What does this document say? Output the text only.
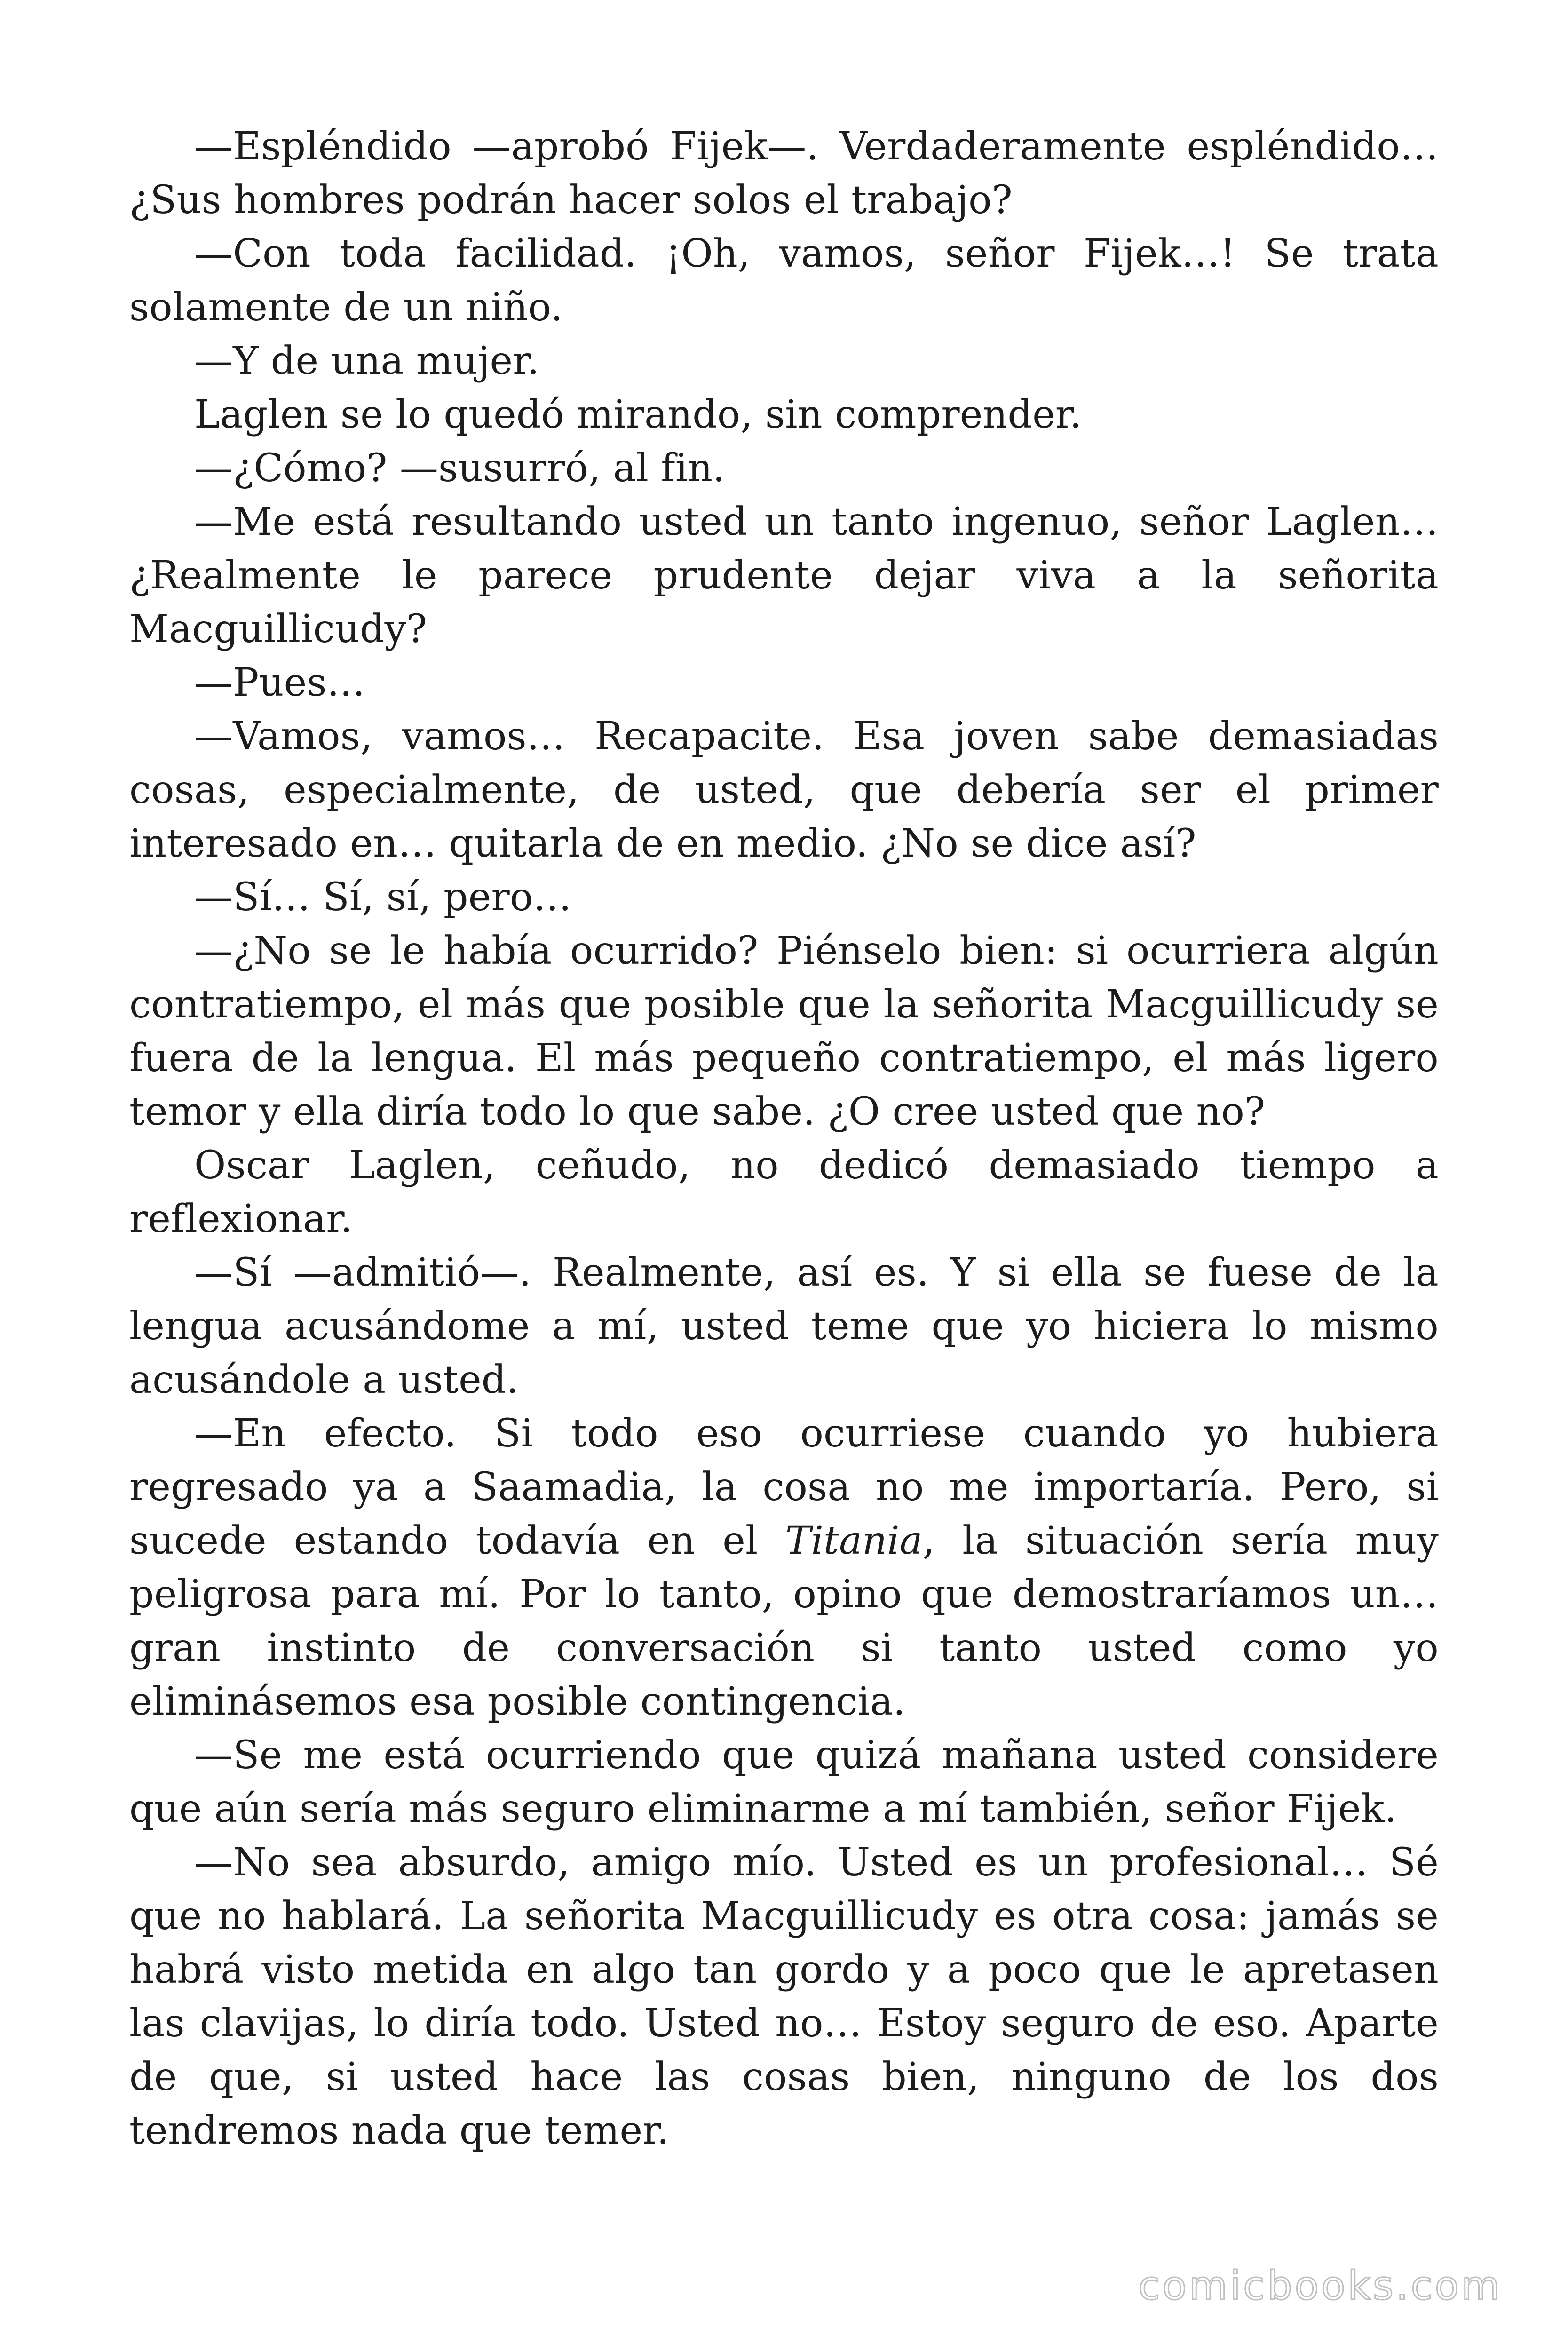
—Espléndido —aprobó Fijek—. Verdaderamente espléndido… ¿Sus hombres podrán hacer solos el trabajo?

—Con toda facilidad. ¡Oh, vamos, señor Fijek…! Se trata solamente de un niño.

—Y de una mujer.

Laglen se lo quedó mirando, sin comprender.

—¿Cómo? —susurró, al fin.

—Me está resultando usted un tanto ingenuo, señor Laglen… ¿Realmente le parece prudente dejar viva a la señorita Macguillicudy?

—Pues…

—Vamos, vamos… Recapacite. Esa joven sabe demasiadas cosas, especialmente, de usted, que debería ser el primer interesado en… quitarla de en medio. ¿No se dice así?

—Sí… Sí, sí, pero…

—¿No se le había ocurrido? Piénselo bien: si ocurriera algún contratiempo, el más que posible que la señorita Macguillicudy se fuera de la lengua. El más pequeño contratiempo, el más ligero temor y ella diría todo lo que sabe. ¿O cree usted que no?

Oscar Laglen, ceñudo, no dedicó demasiado tiempo a reflexionar.

—Sí —admitió—. Realmente, así es. Y si ella se fuese de la lengua acusándome a mí, usted teme que yo hiciera lo mismo acusándole a usted.

—En efecto. Si todo eso ocurriese cuando yo hubiera regresado ya a Saamadia, la cosa no me importaría. Pero, si sucede estando todavía en el Titania, la situación sería muy peligrosa para mí. Por lo tanto, opino que demostraríamos un… gran instinto de conversación si tanto usted como yo eliminásemos esa posible contingencia.

—Se me está ocurriendo que quizá mañana usted considere que aún sería más seguro eliminarme a mí también, señor Fijek.

—No sea absurdo, amigo mío. Usted es un profesional… Sé que no hablará. La señorita Macguillicudy es otra cosa: jamás se habrá visto metida en algo tan gordo y a poco que le apretasen las clavijas, lo diría todo. Usted no… Estoy seguro de eso. Aparte de que, si usted hace las cosas bien, ninguno de los dos tendremos nada que temer.

comicbooks.com
